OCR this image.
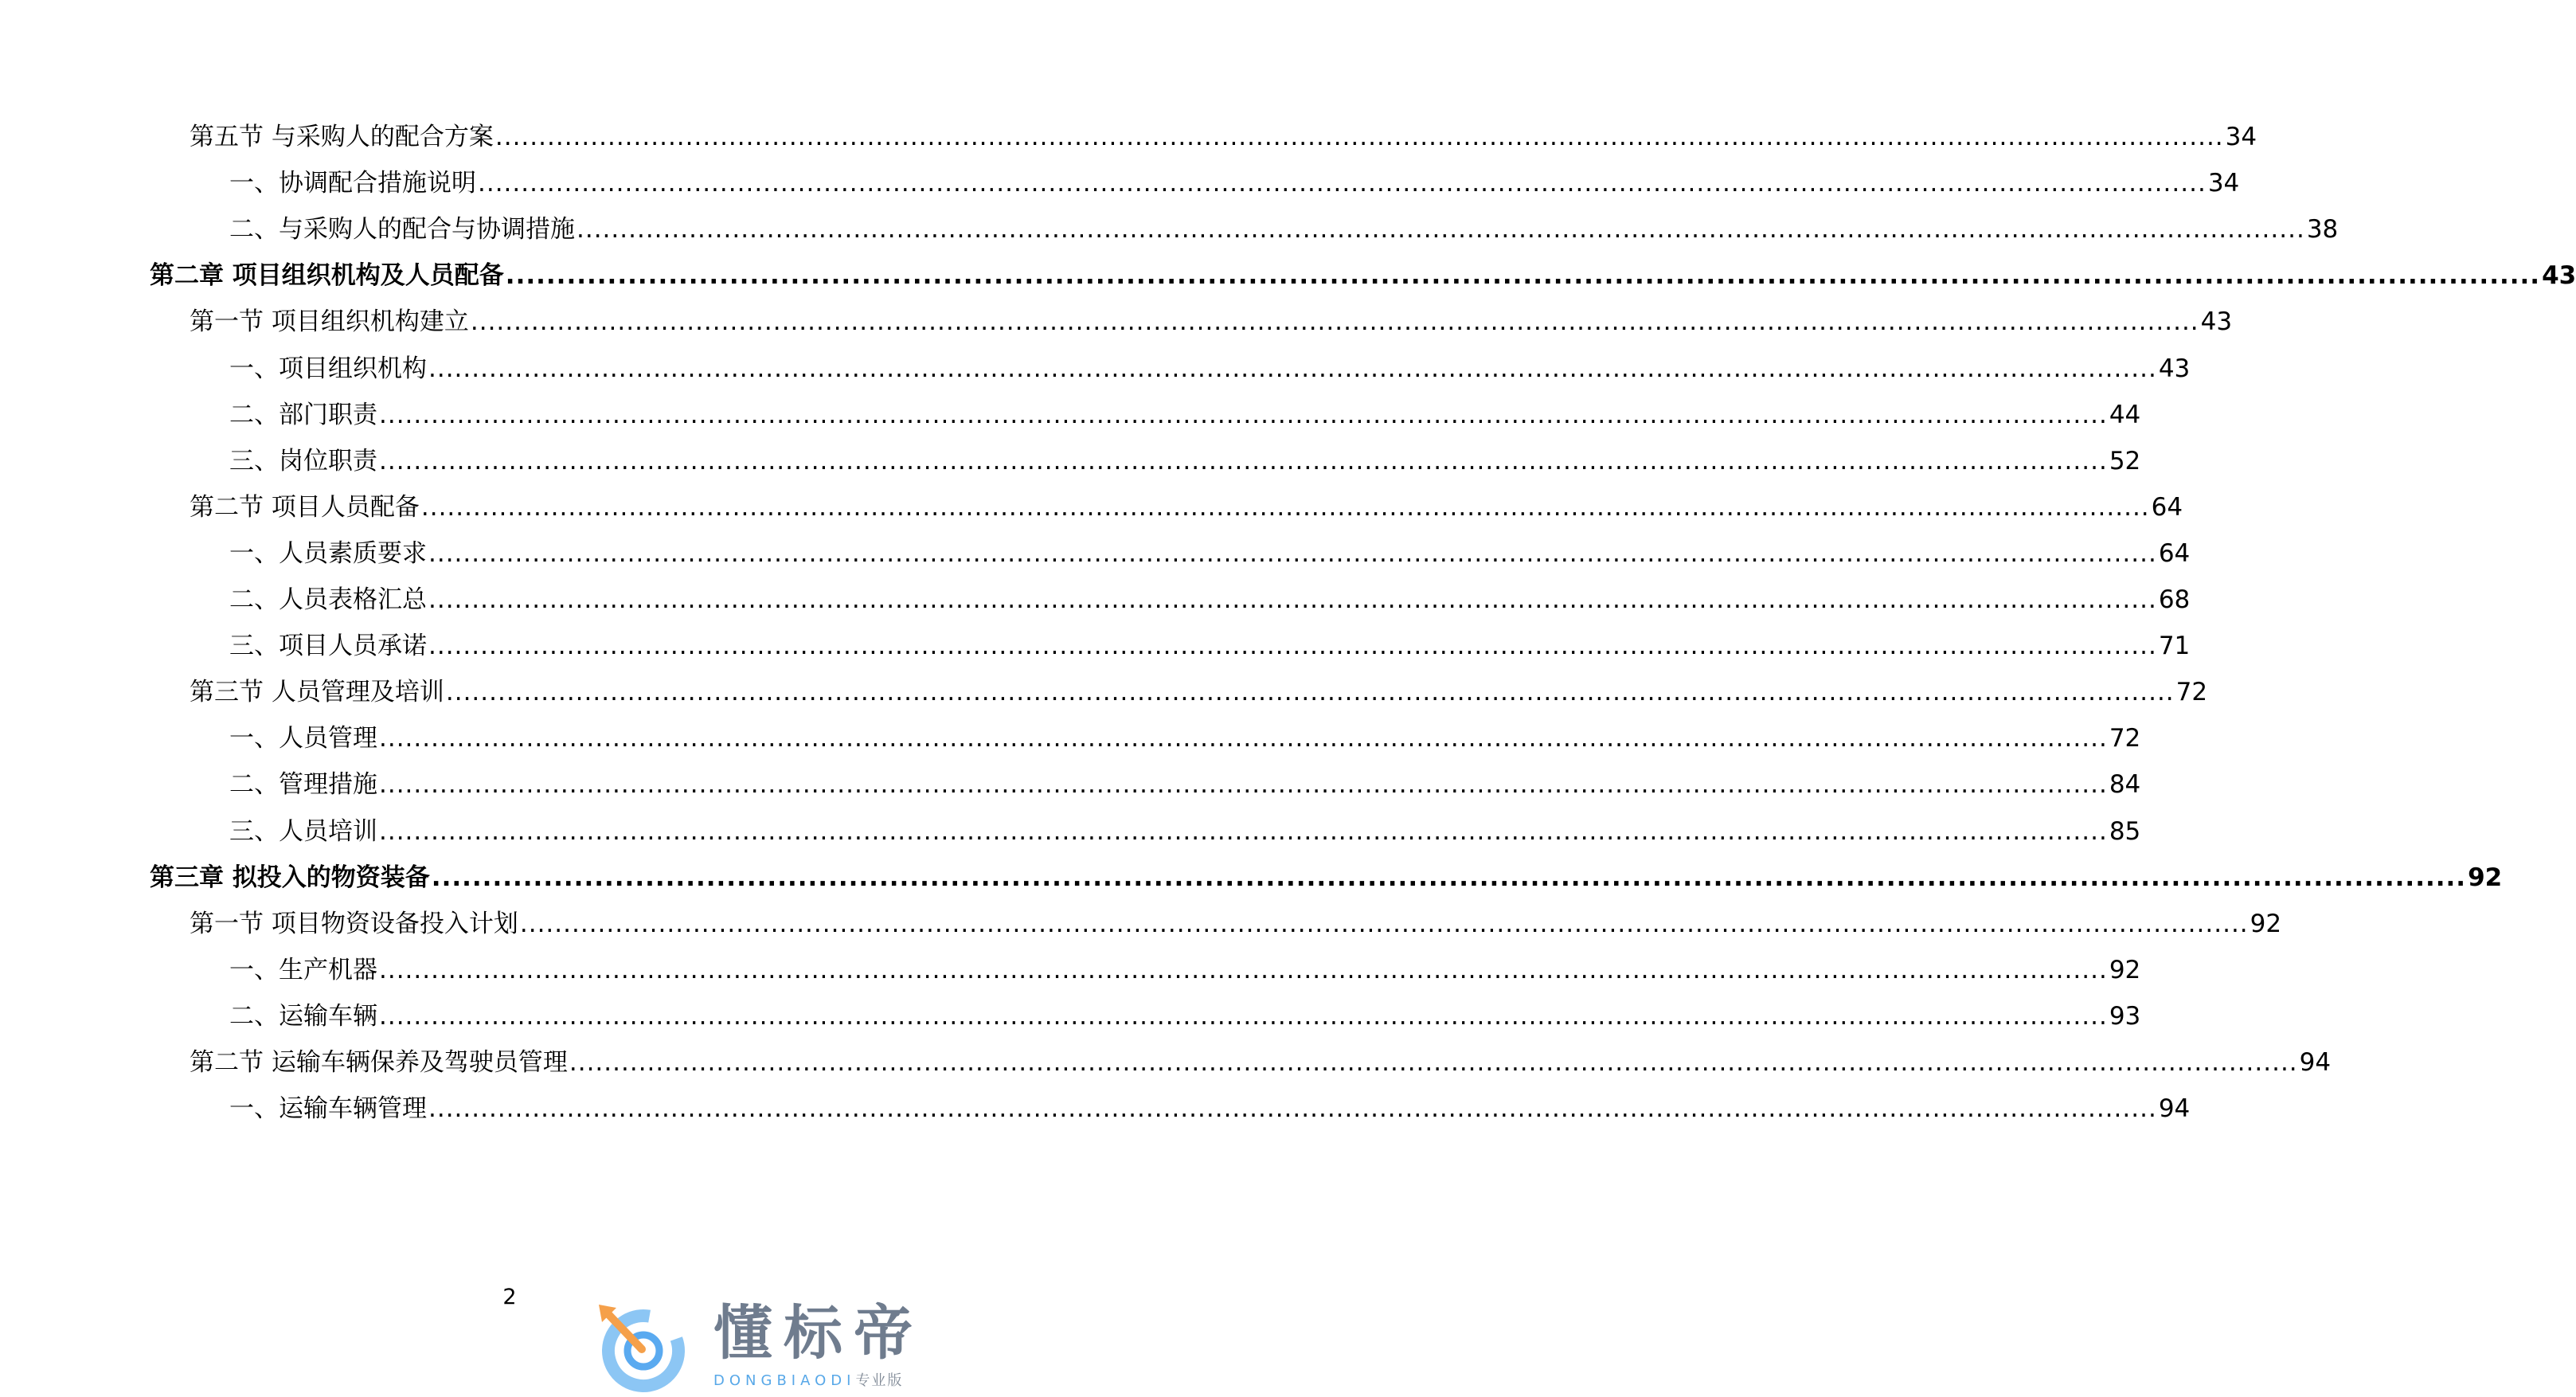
第五节 与采购人的配合方案 ........................................................................................................................................................................................................ 34
一、协调配合措施说明 ........................................................................................................................................................................................................ 34
二、与采购人的配合与协调措施 ........................................................................................................................................................................................................ 38
第二章 项目组织机构及人员配备 ........................................................................................................................................................................................................ 43
第一节 项目组织机构建立 ........................................................................................................................................................................................................ 43
一、项目组织机构 ........................................................................................................................................................................................................ 43
二、部门职责 ........................................................................................................................................................................................................ 44
三、岗位职责 ........................................................................................................................................................................................................ 52
第二节 项目人员配备 ........................................................................................................................................................................................................ 64
一、人员素质要求 ........................................................................................................................................................................................................ 64
二、人员表格汇总 ........................................................................................................................................................................................................ 68
三、项目人员承诺 ........................................................................................................................................................................................................ 71
第三节 人员管理及培训 ........................................................................................................................................................................................................ 72
一、人员管理 ........................................................................................................................................................................................................ 72
二、管理措施 ........................................................................................................................................................................................................ 84
三、人员培训 ........................................................................................................................................................................................................ 85
第三章 拟投入的物资装备 ........................................................................................................................................................................................................ 92
第一节 项目物资设备投入计划 ........................................................................................................................................................................................................ 92
一、生产机器 ........................................................................................................................................................................................................ 92
二、运输车辆 ........................................................................................................................................................................................................ 93
第二节 运输车辆保养及驾驶员管理 ........................................................................................................................................................................................................ 94
一、运输车辆管理 ........................................................................................................................................................................................................ 94
2
懂标帝
DONGBIAODI专业版
